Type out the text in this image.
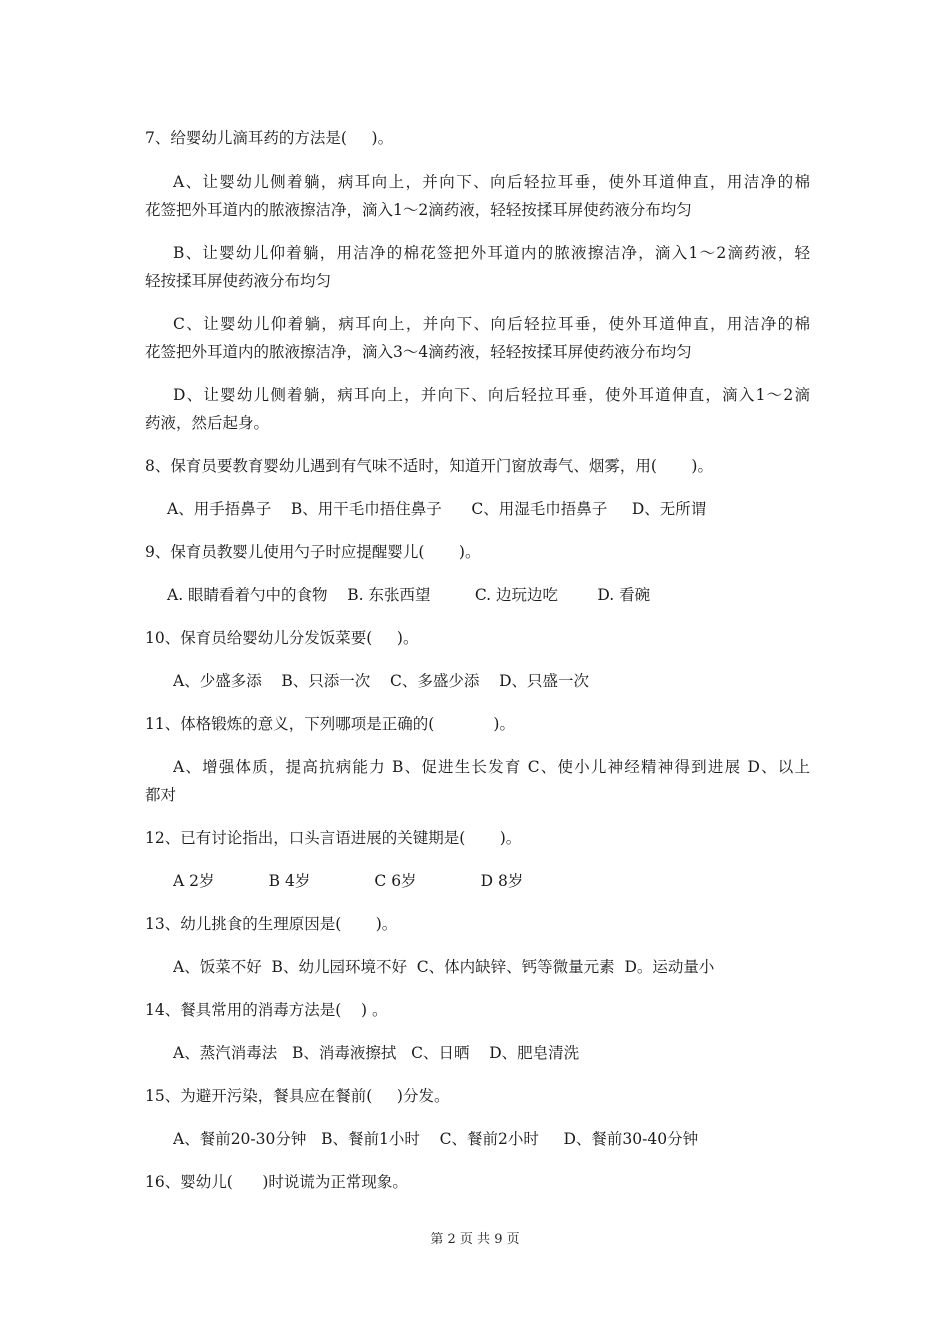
7、给婴幼儿滴耳药的方法是(     )。
A、让婴幼儿侧着躺，病耳向上，并向下、向后轻拉耳垂，使外耳道伸直，用洁净的棉
花签把外耳道内的脓液擦洁净，滴入1～2滴药液，轻轻按揉耳屏使药液分布均匀
B、让婴幼儿仰着躺，用洁净的棉花签把外耳道内的脓液擦洁净，滴入1～2滴药液，轻
轻按揉耳屏使药液分布均匀
C、让婴幼儿仰着躺，病耳向上，并向下、向后轻拉耳垂，使外耳道伸直，用洁净的棉
花签把外耳道内的脓液擦洁净，滴入3～4滴药液，轻轻按揉耳屏使药液分布均匀
D、让婴幼儿侧着躺，病耳向上，并向下、向后轻拉耳垂，使外耳道伸直，滴入1～2滴
药液，然后起身。
8、保育员要教育婴幼儿遇到有气味不适时，知道开门窗放毒气、烟雾，用(       )。
A、用手捂鼻子    B、用干毛巾捂住鼻子      C、用湿毛巾捂鼻子     D、无所谓
9、保育员教婴儿使用勺子时应提醒婴儿(       )。
A. 眼睛看着勺中的食物    B. 东张西望         C. 边玩边吃        D. 看碗
10、保育员给婴幼儿分发饭菜要(     )。
A、少盛多添    B、只添一次    C、多盛少添    D、只盛一次
11、体格锻炼的意义，下列哪项是正确的(            )。
A、增强体质，提高抗病能力 B、促进生长发育 C、使小儿神经精神得到进展 D、以上
都对
12、已有讨论指出，口头言语进展的关键期是(       )。
A 2岁           B 4岁             C 6岁             D 8岁
13、幼儿挑食的生理原因是(       )。
A、饭菜不好  B、幼儿园环境不好  C、体内缺锌、钙等微量元素  D。运动量小
14、餐具常用的消毒方法是(    ) 。
A、蒸汽消毒法   B、消毒液擦拭   C、日晒    D、肥皂清洗
15、为避开污染，餐具应在餐前(     )分发。
A、餐前20-30分钟   B、餐前1小时    C、餐前2小时     D、餐前30-40分钟
16、婴幼儿(      )时说谎为正常现象。
第 2 页 共 9 页
